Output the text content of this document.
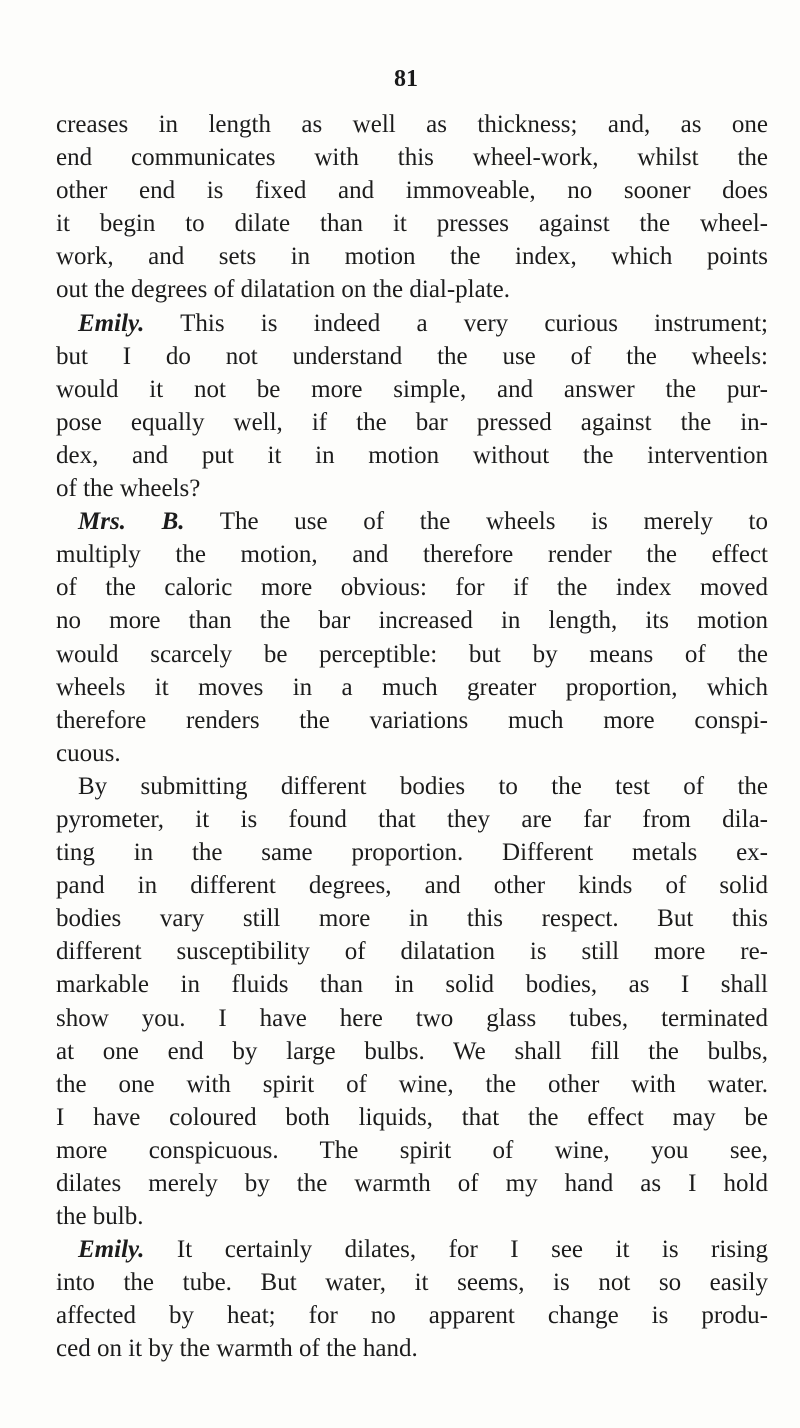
81
creases in length as well as thickness; and, as one
end communicates with this wheel-work, whilst the
other end is fixed and immoveable, no sooner does
it begin to dilate than it presses against the wheel-
work, and sets in motion the index, which points
out the degrees of dilatation on the dial-plate.
Emily. This is indeed a very curious instrument;
but I do not understand the use of the wheels:
would it not be more simple, and answer the pur-
pose equally well, if the bar pressed against the in-
dex, and put it in motion without the intervention
of the wheels?
Mrs. B. The use of the wheels is merely to
multiply the motion, and therefore render the effect
of the caloric more obvious: for if the index moved
no more than the bar increased in length, its motion
would scarcely be perceptible: but by means of the
wheels it moves in a much greater proportion, which
therefore renders the variations much more conspi-
cuous.
By submitting different bodies to the test of the
pyrometer, it is found that they are far from dila-
ting in the same proportion. Different metals ex-
pand in different degrees, and other kinds of solid
bodies vary still more in this respect. But this
different susceptibility of dilatation is still more re-
markable in fluids than in solid bodies, as I shall
show you. I have here two glass tubes, terminated
at one end by large bulbs. We shall fill the bulbs,
the one with spirit of wine, the other with water.
I have coloured both liquids, that the effect may be
more conspicuous. The spirit of wine, you see,
dilates merely by the warmth of my hand as I hold
the bulb.
Emily. It certainly dilates, for I see it is rising
into the tube. But water, it seems, is not so easily
affected by heat; for no apparent change is produ-
ced on it by the warmth of the hand.
